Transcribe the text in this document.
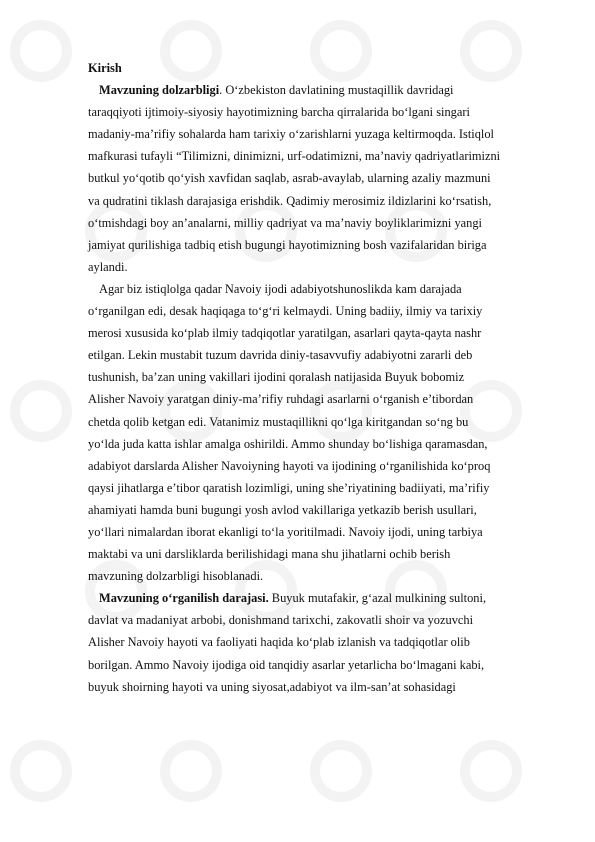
Kirish

Mavzuning dolzarbligi. O‘zbekiston davlatining mustaqillik davridagi
taraqqiyoti ijtimoiy-siyosiy hayotimizning barcha qirralarida bo‘lgani singari
madaniy-ma’rifiy sohalarda ham tarixiy o‘zarishlarni yuzaga keltirmoqda. Istiqlol
mafkurasi tufayli “Tilimizni, dinimizni, urf-odatimizni, ma’naviy qadriyatlarimizni
butkul yo‘qotib qo‘yish xavfidan saqlab, asrab-avaylab, ularning azaliy mazmuni
va qudratini tiklash darajasiga erishdik. Qadimiy merosimiz ildizlarini ko‘rsatish,
o‘tmishdagi boy an’analarni, milliy qadriyat va ma’naviy boyliklarimizni yangi
jamiyat qurilishiga tadbiq etish bugungi hayotimizning bosh vazifalaridan biriga
aylandi.

Agar biz istiqlolga qadar Navoiy ijodi adabiyotshunoslikda kam darajada
o‘rganilgan edi, desak haqiqaga to‘g‘ri kelmaydi. Uning badiiy, ilmiy va tarixiy
merosi xususida ko‘plab ilmiy tadqiqotlar yaratilgan, asarlari qayta-qayta nashr
etilgan. Lekin mustabit tuzum davrida diniy-tasavvufiy adabiyotni zararli deb
tushunish, ba’zan uning vakillari ijodini qoralash natijasida Buyuk bobomiz
Alisher Navoiy yaratgan diniy-ma’rifiy ruhdagi asarlarni o‘rganish e’tibordan
chetda qolib ketgan edi. Vatanimiz mustaqillikni qo‘lga kiritgandan so‘ng bu
yo‘lda juda katta ishlar amalga oshirildi. Ammo shunday bo‘lishiga qaramasdan,
adabiyot darslarda Alisher Navoiyning hayoti va ijodining o‘rganilishida ko‘proq
qaysi jihatlarga e’tibor qaratish lozimligi, uning she’riyatining badiiyati, ma’rifiy
ahamiyati hamda buni bugungi yosh avlod vakillariga yetkazib berish usullari,
yo‘llari nimalardan iborat ekanligi to‘la yoritilmadi. Navoiy ijodi, uning tarbiya
maktabi va uni darsliklarda berilishidagi mana shu jihatlarni ochib berish
mavzuning dolzarbligi hisoblanadi.

Mavzuning o‘rganilish darajasi. Buyuk mutafakir, g‘azal mulkining sultoni,
davlat va madaniyat arbobi, donishmand tarixchi, zakovatli shoir va yozuvchi
Alisher Navoiy hayoti va faoliyati haqida ko‘plab izlanish va tadqiqotlar olib
borilgan. Ammo Navoiy ijodiga oid tanqidiy asarlar yetarlicha bo‘lmagani kabi,
buyuk shoirning hayoti va uning siyosat,adabiyot va ilm-san’at sohasidagi
